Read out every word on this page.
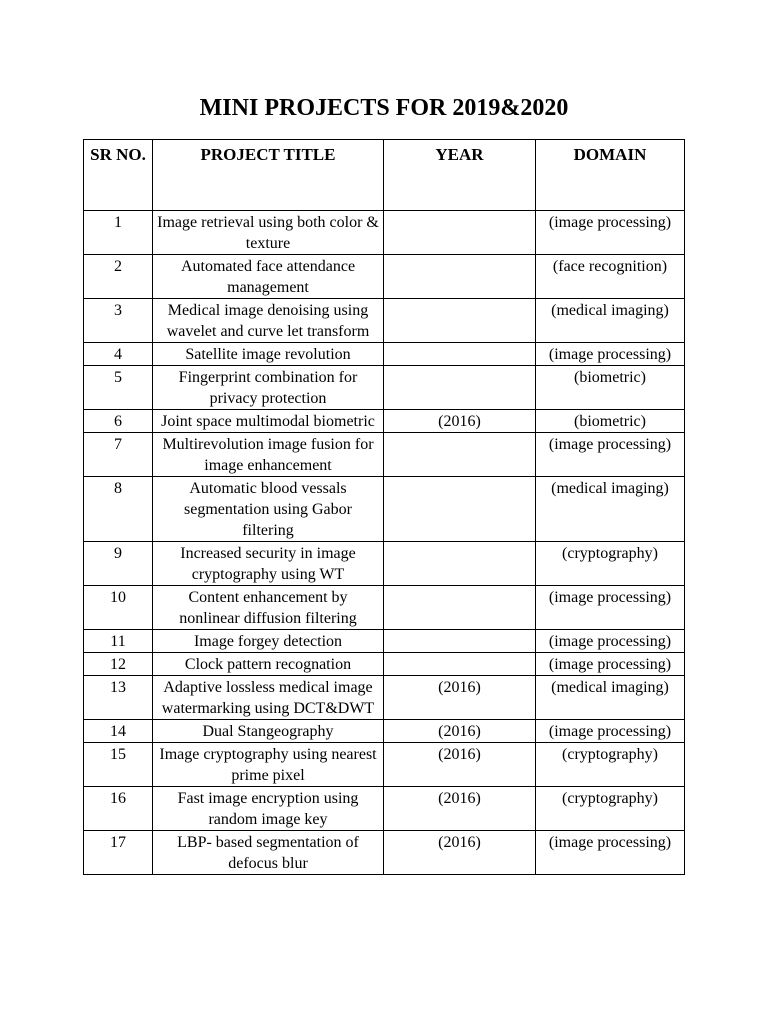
MINI PROJECTS FOR 2019&2020
SR NO.	PROJECT TITLE	YEAR	DOMAIN
1	Image retrieval using both color & texture		(image processing)
2	Automated face attendance management		(face recognition)
3	Medical image denoising using wavelet and curve let transform		(medical imaging)
4	Satellite image revolution		(image processing)
5	Fingerprint combination for privacy protection		(biometric)
6	Joint space multimodal biometric	(2016)	(biometric)
7	Multirevolution image fusion for image enhancement		(image processing)
8	Automatic blood vessals segmentation using Gabor filtering		(medical imaging)
9	Increased security in image cryptography using WT		(cryptography)
10	Content enhancement by nonlinear diffusion filtering		(image processing)
11	Image forgey detection		(image processing)
12	Clock pattern recognation		(image processing)
13	Adaptive lossless medical image watermarking using DCT&DWT	(2016)	(medical imaging)
14	Dual Stangeography	(2016)	(image processing)
15	Image cryptography using nearest prime pixel	(2016)	(cryptography)
16	Fast image encryption using random image key	(2016)	(cryptography)
17	LBP- based segmentation of defocus blur	(2016)	(image processing)
